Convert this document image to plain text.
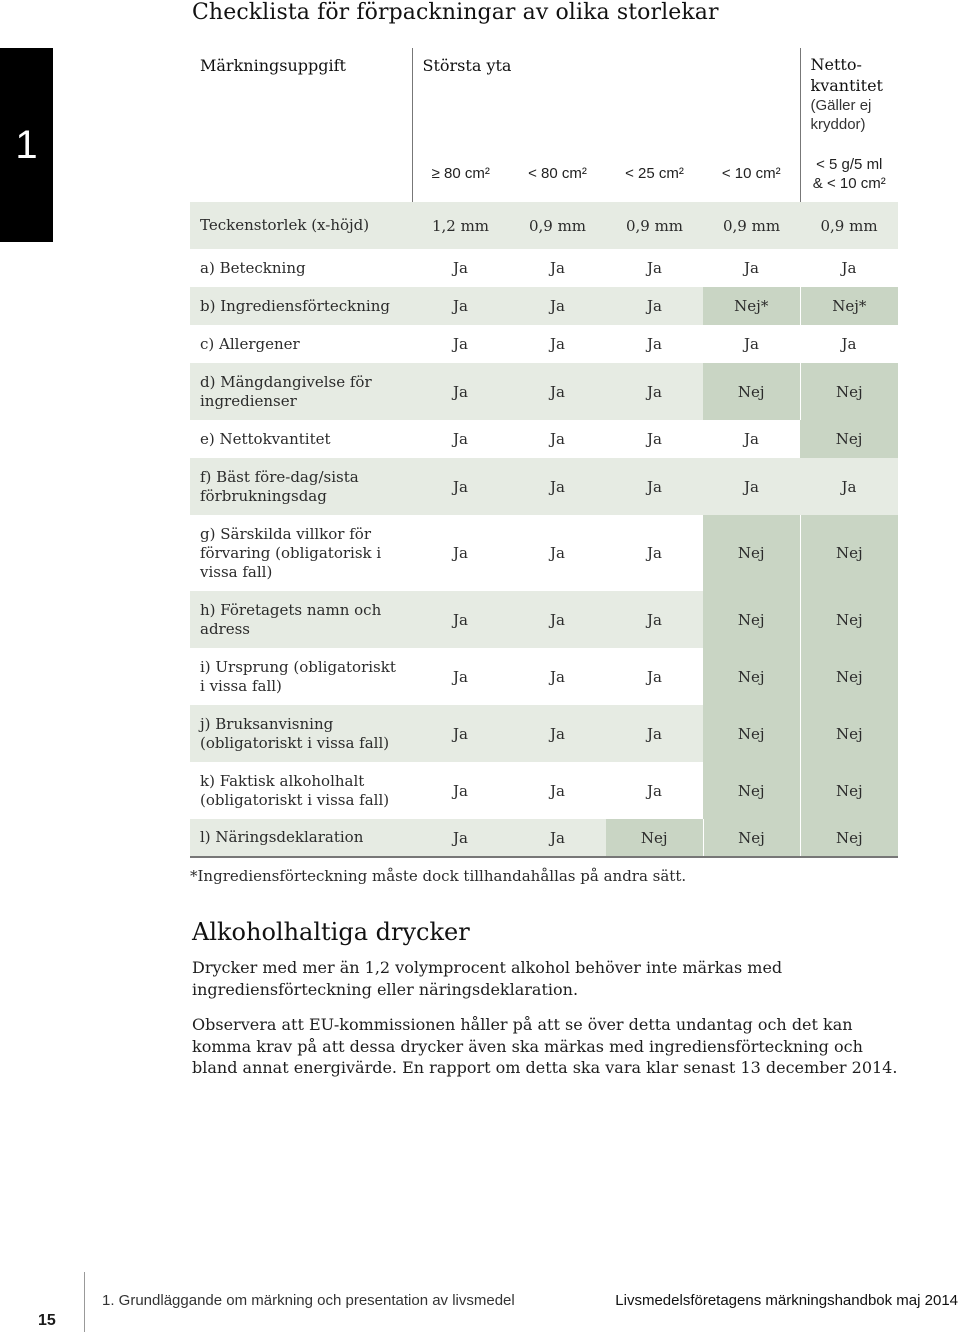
1
Checklista för förpackningar av olika storlekar
Märkningsuppgift	Största yta				Netto-
kvantitet
(Gäller ej
kryddor)

	≥ 80 cm²	< 80 cm²	< 25 cm²	< 10 cm²	< 5 g/5 ml
& < 10 cm²

Teckenstorlek (x-höjd)	1,2 mm	0,9 mm	0,9 mm	0,9 mm	0,9 mm
a) Beteckning	Ja	Ja	Ja	Ja	Ja
b) Ingrediensförteckning	Ja	Ja	Ja	Nej*	Nej*
c) Allergener	Ja	Ja	Ja	Ja	Ja
d) Mängdangivelse för ingredienser	Ja	Ja	Ja	Nej	Nej
e) Nettokvantitet	Ja	Ja	Ja	Ja	Nej
f) Bäst före-dag/sista förbrukningsdag	Ja	Ja	Ja	Ja	Ja
g) Särskilda villkor för förvaring (obligatorisk i vissa fall)	Ja	Ja	Ja	Nej	Nej
h) Företagets namn och adress	Ja	Ja	Ja	Nej	Nej
i) Ursprung (obligatoriskt i vissa fall)	Ja	Ja	Ja	Nej	Nej
j) Bruksanvisning (obligatoriskt i vissa fall)	Ja	Ja	Ja	Nej	Nej
k) Faktisk alkoholhalt (obligatoriskt i vissa fall)	Ja	Ja	Ja	Nej	Nej
l) Näringsdeklaration	Ja	Ja	Nej	Nej	Nej

*Ingrediensförteckning måste dock tillhandahållas på andra sätt.

Alkoholhaltiga drycker

Drycker med mer än 1,2 volymprocent alkohol behöver inte märkas med ingrediensförteckning eller näringsdeklaration.

Observera att EU-kommissionen håller på att se över detta undantag och det kan komma krav på att dessa drycker även ska märkas med ingrediensförteckning och bland annat energivärde. En rapport om detta ska vara klar senast 13 december 2014.

15
1. Grundläggande om märkning och presentation av livsmedel	Livsmedelsföretagens märkningshandbok maj 2014
